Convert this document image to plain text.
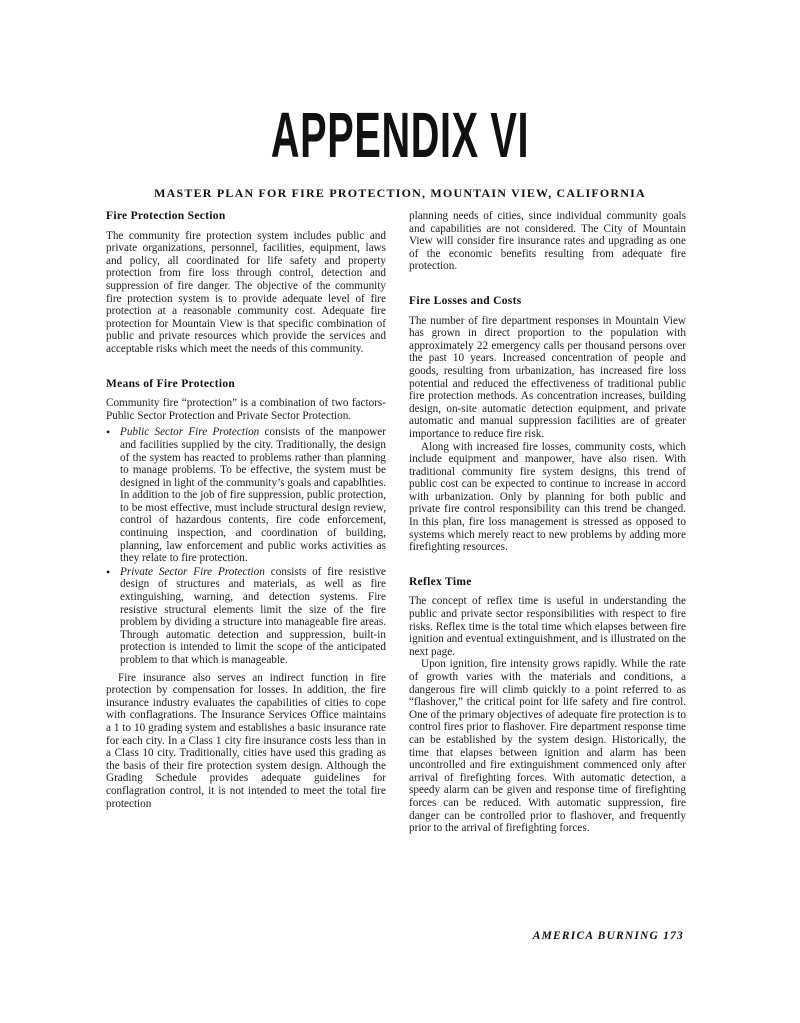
APPENDIX VI
MASTER PLAN FOR FIRE PROTECTION, MOUNTAIN VIEW, CALIFORNIA
Fire Protection Section

The community fire protection system includes public and private organizations, personnel, facilities, equipment, laws and policy, all coordinated for life safety and property protection from fire loss through control, detection and suppression of fire danger. The objective of the community fire protection system is to provide adequate level of fire protection at a reasonable community cost. Adequate fire protection for Mountain View is that specific combination of public and private resources which provide the services and acceptable risks which meet the needs of this community.

Means of Fire Protection

Community fire “protection” is a combination of two factors-Public Sector Protection and Private Sector Protection.

• Public Sector Fire Protection consists of the manpower and facilities supplied by the city. Traditionally, the design of the system has reacted to problems rather than planning to manage problems. To be effective, the system must be designed in light of the community’s goals and capablhties. In addition to the job of fire suppression, public protection, to be most effective, must include structural design review, control of hazardous contents, fire code enforcement, continuing inspection, and coordination of building, planning, law enforcement and public works activities as they relate to fire protection.
• Private Sector Fire Protection consists of fire resistive design of structures and materials, as well as fire extinguishing, warning, and detection systems. Fire resistive structural elements limit the size of the fire problem by dividing a structure into manageable fire areas. Through automatic detection and suppression, built-in protection is intended to limit the scope of the anticipated problem to that which is manageable.

Fire insurance also serves an indirect function in fire protection by compensation for losses. In addition, the fire insurance industry evaluates the capabilities of cities to cope with conflagrations. The Insurance Services Office maintains a 1 to 10 grading system and establishes a basic insurance rate for each city. In a Class 1 city fire insurance costs less than in a Class 10 city. Traditionally, cities have used this grading as the basis of their fire protection system design. Although the Grading Schedule provides adequate guidelines for conflagration control, it is not intended to meet the total fire protection

planning needs of cities, since individual community goals and capabilities are not considered. The City of Mountain View will consider fire insurance rates and upgrading as one of the economic benefits resulting from adequate fire protection.

Fire Losses and Costs

The number of fire department responses in Mountain View has grown in direct proportion to the population with approximately 22 emergency calls per thousand persons over the past 10 years. Increased concentration of people and goods, resulting from urbanization, has increased fire loss potential and reduced the effectiveness of traditional public fire protection methods. As concentration increases, building design, on-site automatic detection equipment, and private automatic and manual suppression facilities are of greater importance to reduce fire risk.

Along with increased fire losses, community costs, which include equipment and manpower, have also risen. With traditional community fire system designs, this trend of public cost can be expected to continue to increase in accord with urbanization. Only by planning for both public and private fire control responsibility can this trend be changed. In this plan, fire loss management is stressed as opposed to systems which merely react to new problems by adding more firefighting resources.

Reflex Time

The concept of reflex time is useful in understanding the public and private sector responsibilities with respect to fire risks. Reflex time is the total time which elapses between fire ignition and eventual extinguishment, and is illustrated on the next page.

Upon ignition, fire intensity grows rapidly. While the rate of growth varies with the materials and conditions, a dangerous fire will climb quickly to a point referred to as “flashover,” the critical point for life safety and fire control. One of the primary objectives of adequate fire protection is to control fires prior to flashover. Fire department response time can be established by the system design. Historically, the time that elapses between ignition and alarm has been uncontrolled and fire extinguishment commenced only after arrival of firefighting forces. With automatic detection, a speedy alarm can be given and response time of firefighting forces can be reduced. With automatic suppression, fire danger can be controlled prior to flashover, and frequently prior to the arrival of firefighting forces.

AMERICA BURNING 173
